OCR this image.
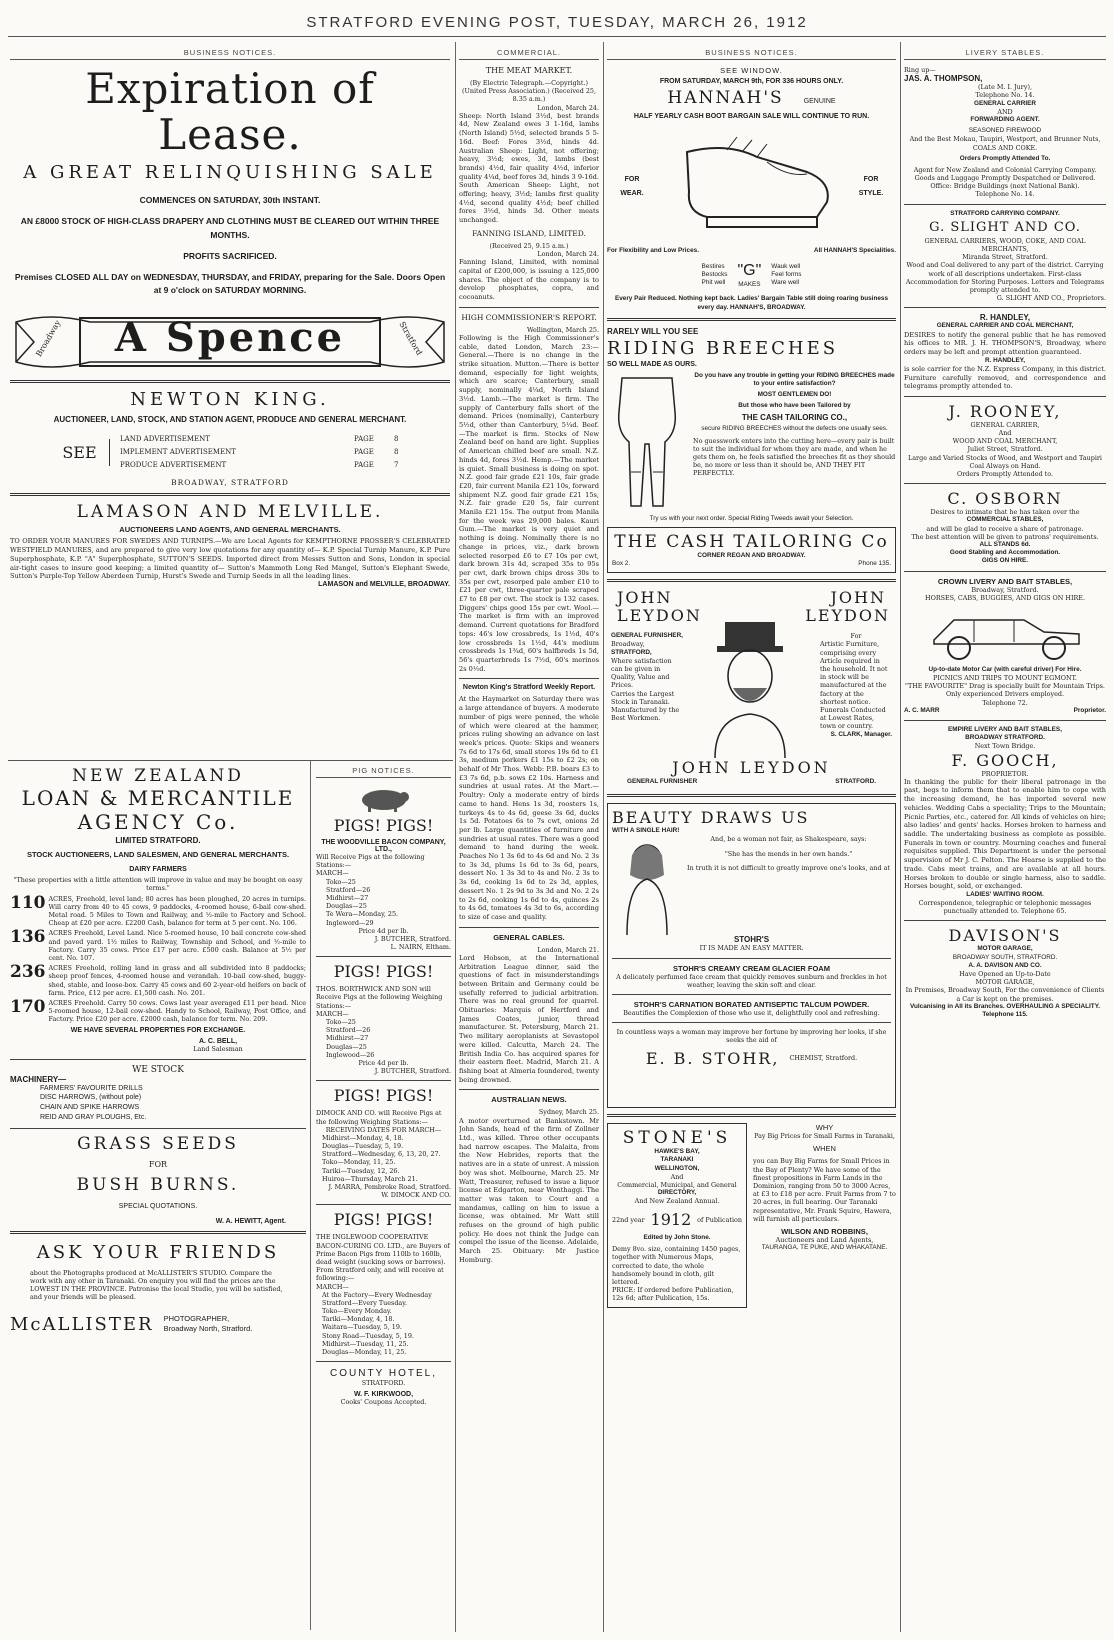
STRATFORD EVENING POST, TUESDAY, MARCH 26, 1912
BUSINESS NOTICES.
Expiration of Lease.
A GREAT RELINQUISHING SALE
COMMENCES ON SATURDAY, 30th INSTANT.
AN £8000 STOCK OF HIGH-CLASS DRAPERY AND CLOTHING MUST BE CLEARED OUT WITHIN THREE MONTHS.
PROFITS SACRIFICED.
Premises CLOSED ALL DAY on WEDNESDAY, THURSDAY, and FRIDAY, preparing for the Sale. Doors Open at 9 o'clock on SATURDAY MORNING.
A Spence
Broadway	Stratford
NEWTON KING.
AUCTIONEER, LAND, STOCK, AND STATION AGENT, PRODUCE AND GENERAL MERCHANT.
SEE
LAND ADVERTISEMENT	PAGE	8
IMPLEMENT ADVERTISEMENT	PAGE	8
PRODUCE ADVERTISEMENT	PAGE	7
BROADWAY, STRATFORD
LAMASON AND MELVILLE.
AUCTIONEERS LAND AGENTS, AND GENERAL MERCHANTS.
TO ORDER YOUR MANURES FOR SWEDES AND TURNIPS.—We are Local Agents for KEMPTHORNE PROSSER'S CELEBRATED WESTFIELD MANURES, and are prepared to give very low quotations for any quantity of— K.P. Special Turnip Manure, K.P. Pure Superphosphate, K.P. "A" Superphosphate, SUTTON'S SEEDS. Imported direct from Messrs Sutton and Sons, London in special air-tight cases to insure good keeping; a limited quantity of— Sutton's Mammoth Long Red Mangel, Sutton's Elephant Swede, Sutton's Purple-Top Yellow Aberdeen Turnip, Hurst's Swede and Turnip Seeds in all the leading lines.
LAMASON and MELVILLE, BROADWAY.
NEW ZEALAND
LOAN & MERCANTILE
AGENCY Co.
LIMITED STRATFORD.
STOCK AUCTIONEERS, LAND SALESMEN, AND GENERAL MERCHANTS.
DAIRY FARMERS
"These properties with a little attention will improve in value and may be bought on easy terms."
110 ACRES, Freehold, level land; 80 acres has been ploughed, 20 acres in turnips. Will carry from 40 to 45 cows, 9 paddocks, 4-roomed house, 6-bail cow-shed. Metal road. 5 Miles to Town and Railway, and ½-mile to Factory and School. Cheap at £20 per acre. £2200 Cash, balance for term at 5 per cent. No. 106.
136 ACRES Freehold, Level Land. Nice 5-roomed house, 10 bail concrete cow-shed and paved yard. 1½ miles to Railway, Township and School, and ½-mile to Factory. Carry 35 cows. Price £17 per acre. £500 cash. Balance at 5½ per cent. No. 107.
236 ACRES Freehold, rolling land in grass and all subdivided into 8 paddocks; sheep proof fences, 4-roomed house and verandah. 10-bail cow-shed, buggy-shed, stable, and loose-box. Carry 45 cows and 60 2-year-old heifers on back of farm. Price, £12 per acre. £1,500 cash. No. 201.
170 ACRES Freehold. Carry 50 cows. Cows last year averaged £11 per head. Nice 5-roomed house, 12-bail cow-shed. Handy to School, Railway, Post Office, and Factory. Price £20 per acre. £2000 cash, balance for term. No. 209.
WE HAVE SEVERAL PROPERTIES FOR EXCHANGE.
A. C. BELL,
Land Salesman
WE STOCK
MACHINERY—
FARMERS' FAVOURITE DRILLS
DISC HARROWS, (without pole)
CHAIN AND SPIKE HARROWS
REID AND GRAY PLOUGHS, Etc.
GRASS SEEDS
FOR
BUSH BURNS.
SPECIAL QUOTATIONS.
W. A. HEWITT, Agent.
ASK YOUR FRIENDS
about the Photographs produced at McALLISTER'S STUDIO. Compare the work with any other in Taranaki. On enquiry you will find the prices are the LOWEST IN THE PROVINCE. Patronise the local Studio, you will be satisfied, and your friends will be pleased.
McALLISTER PHOTOGRAPHER,
Broadway North, Stratford.
PIG NOTICES.
PIGS! PIGS!
THE WOODVILLE BACON COMPANY, LTD.,
Will Receive Pigs at the following Stations:—
MARCH—
Toko—25
Stratford—26
Midhirst—27
Douglas—25
Te Wera—Monday, 25.
Ingleword—29
Price 4d per lb.
J. BUTCHER, Stratford.
L. NAIRN, Eltham.
PIGS! PIGS!
THOS. BORTHWICK AND SON will Receive Pigs at the following Weighing Stations:—
MARCH—
Toko—25
Stratford—26
Midhirst—27
Douglas—25
Inglewood—26
Price 4d per lb.
J. BUTCHER, Stratford.
PIGS! PIGS!
DIMOCK AND CO. will Receive Pigs at the following Weighing Stations:—
RECEIVING DATES FOR MARCH—
Midhirst—Monday, 4, 18.
Douglas—Tuesday, 5, 19.
Stratford—Wednesday, 6, 13, 20, 27.
Toko—Monday, 11, 25.
Tariki—Tuesday, 12, 26.
Huiroa—Thursday, March 21.
J. MARRA, Pembroke Road, Stratford.
W. DIMOCK AND CO.
PIGS! PIGS!
THE INGLEWOOD COOPERATIVE BACON-CURING CO. LTD., are Buyers of Prime Bacon Pigs from 110lb to 160lb, dead weight (sucking sows or barrows). From Stratford only, and will receive at following:—
MARCH—
At the Factory—Every Wednesday
Stratford—Every Tuesday.
Toko—Every Monday.
Tariki—Monday, 4, 18.
Waitara—Tuesday, 5, 19.
Stony Road—Tuesday, 5, 19.
Midhirst—Tuesday, 11, 25.
Douglas—Monday, 11, 25.
COUNTY HOTEL,
STRATFORD.
W. F. KIRKWOOD,
Cooks' Coupons Accepted.
COMMERCIAL.
THE MEAT MARKET.
(By Electric Telegraph.—Copyright.) (United Press Association.) (Received 25, 8.35 a.m.)
London, March 24.
Sheep: North Island 3½d, best brands 4d, New Zealand ewes 3 1-16d, lambs (North Island) 5½d, selected brands 5 5-16d. Beef: Fores 3½d, hinds 4d. Australian Sheep: Light, not offering; heavy, 3½d; ewes, 3d, lambs (best brands) 4½d, fair quality 4½d, inferior quality 4¼d, beef fores 3d, hinds 3 9-16d. South American Sheep: Light, not offering; heavy, 3½d; lambs first quality 4½d, second quality 4½d; beef chilled fores 3½d, hinds 3d. Other meats unchanged.
FANNING ISLAND, LIMITED.
(Received 25, 9.15 a.m.)
London, March 24.
Fanning Island, Limited, with nominal capital of £200,000, is issuing a 125,000 shares. The object of the company is to develop phosphates, copra, and cocoanuts.
HIGH COMMISSIONER'S REPORT.
Wellington, March 25.
Following is the High Commissioner's cable, dated London, March 23:— General.—There is no change in the strike situation. Mutton.—There is better demand, especially for light weights, which are scarce; Canterbury, small supply, nominally 4¼d, North Island 3½d. Lamb.—The market is firm. The supply of Canterbury falls short of the demand. Prices (nominally), Canterbury 5½d, other than Canterbury, 5¼d. Beef.—The market is firm. Stocks of New Zealand beef on hand are light. Supplies of American chilled beef are small. N.Z. hinds 4d, fores 3½d. Hemp.—The market is quiet. Small business is doing on spot. N.Z. good fair grade £21 10s, fair grade £20, fair current Manila £21 10s, forward shipment N.Z. good fair grade £21 15s, N.Z. fair grade £20 5s, fair current Manila £21 15s. The output from Manila for the week was 29,000 bales. Kauri Gum.—The market is very quiet and nothing is doing. Nominally there is no change in prices, viz., dark brown selected resorped £6 to £7 10s per cwt, dark brown 31s 4d, scraped 35s to 95s per cwt, dark brown chips dross 30s to 35s per cwt, resorped pale amber £10 to £21 per cwt, three-quarter pale scraped £7 to £8 per cwt. The stock is 132 cases. Diggers' chips good 15s per cwt. Wool.—The market is firm with an improved demand. Current quotations for Bradford tops: 46's low crossbreds, 1s 1½d, 40's low crossbreds 1s 1½d, 44's medium crossbreds 1s 1¾d, 60's halfbreds 1s 5d, 56's quarterbreds 1s 7½d, 60's merinos 2s 0½d.
Newton King's Stratford Weekly Report.
At the Haymarket on Saturday there was a large attendance of buyers. A moderate number of pigs were penned, the whole of which were cleared at the hammer, prices ruling showing an advance on last week's prices. Quote: Skips and weaners 7s 6d to 17s 6d, small stores 19s 6d to £1 3s, medium porkers £1 15s to £2 2s; on behalf of Mr Thos. Webb: P.B. boars £3 to £3 7s 6d, p.b. sows £2 10s. Harness and sundries at usual rates. At the Mart.—Poultry: Only a moderate entry of birds came to hand. Hens 1s 3d, roosters 1s, turkeys 4s to 4s 6d, geese 3s 6d, ducks 1s 5d. Potatoes 6s to 7s cwt, onions 2d per lb. Large quantities of furniture and sundries at usual rates. There was a good demand to hand during the week. Peaches No 1 3s 6d to 4s 6d and No. 2 3s to 3s 3d, plums 1s 6d to 3s 6d, pears, dessert No. 1 3s 3d to 4s and No. 2 3s to 3s 6d, cooking 1s 6d to 2s 3d, apples, dessert No. 1 2s 9d to 3s 3d and No. 2 2s to 2s 6d, cooking 1s 6d to 4s, quinces 2s to 4s 6d, tomatoes 4s 3d to 6s, according to size of case and quality.
GENERAL CABLES.
London, March 21.
Lord Hobson, at the International Arbitration League dinner, said the questions of fact in misunderstandings between Britain and Germany could be usefully referred to judicial arbitration. There was no real ground for quarrel. Obituaries: Marquis of Hertford and James Coates, junior, thread manufacturer. St. Petersburg, March 21. Two military aeroplanists at Sevastopol were killed. Calcutta, March 24. The British India Co. has acquired spares for their eastern fleet. Madrid, March 21. A fishing boat at Almeria foundered, twenty being drowned.
AUSTRALIAN NEWS.
Sydney, March 25.
A motor overturned at Bankstown. Mr John Sands, head of the firm of Zollner Ltd., was killed. Three other occupants had narrow escapes. The Malaita, from the New Hebrides, reports that the natives are in a state of unrest. A mission boy was shot. Melbourne, March 25. Mr Watt, Treasurer, refused to issue a liquor license at Edgarton, near Wonthaggi. The matter was taken to Court and a mandamus, calling on him to issue a license, was obtained. Mr Watt still refuses on the ground of high public policy. He does not think the Judge can compel the issue of the license. Adelaide, March 25. Obituary: Mr Justice Homburg.
BUSINESS NOTICES.
SEE WINDOW.
FROM SATURDAY, MARCH 9th, FOR 336 HOURS ONLY.
HANNAH'S	GENUINE
HALF YEARLY CASH BOOT BARGAIN SALE WILL CONTINUE TO RUN.
FOR

WEAR.
FOR

STYLE.
For Flexibility and Low Prices.	All HANNAH'S Specialities.
Bestires
Bestocks
Phit well
"G"
MAKES
Wauk well
Feel forms
Ware well
Every Pair Reduced. Nothing kept back. Ladies' Bargain Table still doing roaring business every day. HANNAH'S, BROADWAY.
RARELY WILL YOU SEE
RIDING BREECHES
SO WELL MADE AS OURS.
Do you have any trouble in getting your RIDING BREECHES made to your entire satisfaction?
MOST GENTLEMEN DO!
But those who have been Tailored by
THE CASH TAILORING CO.,
secure RIDING BREECHES without the defects one usually sees.
No guesswork enters into the cutting here—every pair is built to suit the individual for whom they are made, and when he gets them on, he feels satisfied the breeches fit as they should be, no more or less than it should be, AND THEY FIT PERFECTLY.
Try us with your next order. Special Riding Tweeds await your Selection.
THE CASH TAILORING Co
CORNER REGAN AND BROADWAY.
Box 2.	Phone 135.
JOHN
LEYDON
JOHN
LEYDON
GENERAL FURNISHER,
Broadway,
STRATFORD,
Where satisfaction can be given in
Quality, Value and Prices.
Carries the Largest Stock in Taranaki.
Manufactured by the Best Workmen.
For
Artistic Furniture, comprising every Article required in the household. It not in stock will be manufactured at the factory at the shortest notice.
Funerals Conducted at Lowest Rates, town or country.
S. CLARK, Manager.
JOHN LEYDON
GENERAL FURNISHER	STRATFORD.
BEAUTY DRAWS US
WITH A SINGLE HAIR!
And, be a woman not fair, as Shakespeare, says:
"She has the mends in her own hands."
In truth it is not difficult to greatly improve one's looks, and at
STOHR'S
IT IS MADE AN EASY MATTER.
STOHR'S CREAMY CREAM GLACIER FOAM
A delicately perfumed face cream that quickly removes sunburn and freckles in hot weather, leaving the skin soft and clear.
STOHR'S CARNATION BORATED ANTISEPTIC TALCUM POWDER.
Beautifies the Complexion of those who use it, delightfully cool and refreshing.
In countless ways a woman may improve her fortune by improving her looks, if she seeks the aid of
E. B. STOHR, CHEMIST, Stratford.
STONE'S
HAWKE'S BAY,
TARANAKI
WELLINGTON,
And
Commercial, Municipal, and General
DIRECTORY,
And New Zealand Annual.
22nd year 1912 of Publication
Edited by John Stone.
Demy 8vo. size, containing 1450 pages, together with Numerous Maps, corrected to date, the whole handsomely bound in cloth, gilt lettered.
PRICE: If ordered before Publication, 12s 6d; after Publication, 15s.
WHY
Pay Big Prices for Small Farms in Taranaki,
WHEN
you can Buy Big Farms for Small Prices in the Bay of Plenty? We have some of the finest propositions in Farm Lands in the Dominion, ranging from 50 to 3000 Acres, at £3 to £18 per acre. Fruit Farms from 7 to 20 acres, in full bearing. Our Taranaki representative, Mr. Frank Squire, Hawera, will furnish all particulars.
WILSON AND ROBBINS,
Auctioneers and Land Agents,
TAURANGA, TE PUKE, AND WHAKATANE.
LIVERY STABLES.
Ring up—
JAS. A. THOMPSON,
(Late M. I. Jury),
Telephone No. 14.
GENERAL CARRIER
AND
FORWARDING AGENT.
SEASONED FIREWOOD
And the Best Mokau, Taupiri, Westport, and Brunner Nuts, COALS AND COKE.
Orders Promptly Attended To.
Agent for New Zealand and Colonial Carrying Company.
Goods and Luggage Promptly Despatched or Delivered.
Office: Bridge Buildings (next National Bank).
Telephone No. 14.
STRATFORD CARRYING COMPANY.
G. SLIGHT AND CO.
GENERAL CARRIERS, WOOD, COKE, AND COAL MERCHANTS,
Miranda Street, Stratford.
Wood and Coal delivered to any part of the district. Carrying work of all descriptions undertaken. First-class Accommodation for Storing Purposes. Letters and Telegrams promptly attended to.
G. SLIGHT AND CO., Proprietors.
R. HANDLEY,
GENERAL CARRIER AND COAL MERCHANT,
DESIRES to notify the general public that he has removed his offices to MR. J. H. THOMPSON'S, Broadway, where orders may be left and prompt attention guaranteed.
R. HANDLEY,
is sole carrier for the N.Z. Express Company, in this district. Furniture carefully removed, and correspondence and telegrams promptly attended to.
J. ROONEY,
GENERAL CARRIER,
And
WOOD AND COAL MERCHANT,
Juliet Street, Stratford.
Large and Varied Stocks of Wood, and Westport and Taupiri Coal Always on Hand.
Orders Promptly Attended to.
C. OSBORN
Desires to intimate that he has taken over the
COMMERCIAL STABLES,
and will be glad to receive a share of patronage.
The best attention will be given to patrons' requirements.
ALL STANDS 6d.
Good Stabling and Accommodation.
GIGS ON HIRE.
CROWN LIVERY AND BAIT STABLES,
Broadway, Stratford.
HORSES, CABS, BUGGIES, AND GIGS ON HIRE.
Up-to-date Motor Car (with careful driver) For Hire.
PICNICS AND TRIPS TO MOUNT EGMONT.
"THE FAVOURITE" Drag is specially built for Mountain Trips. Only experienced Drivers employed.
Telephone 72.
A. C. MARR	Proprietor.
EMPIRE LIVERY AND BAIT STABLES,
BROADWAY STRATFORD.
Next Town Bridge.
F. GOOCH,
PROPRIETOR.
In thanking the public for their liberal patronage in the past, begs to inform them that to enable him to cope with the increasing demand, he has imported several new vehicles. Wedding Cabs a speciality; Trips to the Mountain; Picnic Parties, etc., catered for. All kinds of vehicles on hire; also ladies' and gents' hacks. Horses broken to harness and saddle. The undertaking business as complete as possible. Funerals in town or country. Mourning coaches and funeral requisites supplied. This Department is under the personal supervision of Mr J. C. Pelton. The Hearse is supplied to the trade. Cabs meet trains, and are available at all hours. Horses broken to double or single harness, also to saddle. Horses bought, sold, or exchanged.
LADIES' WAITING ROOM.
Correspondence, telegraphic or telephonic messages punctually attended to. Telephone 65.
DAVISON'S
MOTOR GARAGE,
BROADWAY SOUTH, STRATFORD.
A. A. DAVISON AND CO.
Have Opened an Up-to-Date
MOTOR GARAGE,
In Premises, Broadway South, For the convenience of Clients a Car is kept on the premises.
Vulcanising in All its Branches. OVERHAULING A SPECIALITY. Telephone 115.
